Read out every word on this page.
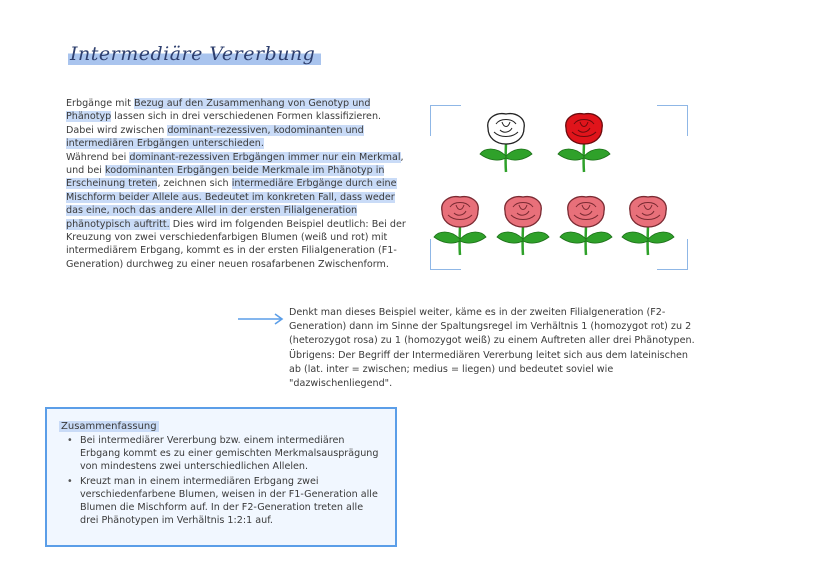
Intermediäre Vererbung

Erbgänge mit Bezug auf den Zusammenhang von Genotyp und Phänotyp lassen sich in drei verschiedenen Formen klassifizieren. Dabei wird zwischen dominant-rezessiven, kodominanten und intermediären Erbgängen unterschieden.

Während bei dominant-rezessiven Erbgängen immer nur ein Merkmal, und bei kodominanten Erbgängen beide Merkmale im Phänotyp in Erscheinung treten, zeichnen sich intermediäre Erbgänge durch eine Mischform beider Allele aus. Bedeutet im konkreten Fall, dass weder das eine, noch das andere Allel in der ersten Filialgeneration phänotypisch auftritt. Dies wird im folgenden Beispiel deutlich: Bei der Kreuzung von zwei verschiedenfarbigen Blumen (weiß und rot) mit intermediärem Erbgang, kommt es in der ersten Filialgeneration (F1-Generation) durchweg zu einer neuen rosafarbenen Zwischenform.

Denkt man dieses Beispiel weiter, käme es in der zweiten Filialgeneration (F2-Generation) dann im Sinne der Spaltungsregel im Verhältnis 1 (homozygot rot) zu 2 (heterozygot rosa) zu 1 (homozygot weiß) zu einem Auftreten aller drei Phänotypen. Übrigens: Der Begriff der Intermediären Vererbung leitet sich aus dem lateinischen ab (lat. inter = zwischen; medius = liegen) und bedeutet soviel wie "dazwischenliegend".

Zusammenfassung
• Bei intermediärer Vererbung bzw. einem intermediären Erbgang kommt es zu einer gemischten Merkmalsausprägung von mindestens zwei unterschiedlichen Allelen.
• Kreuzt man in einem intermediären Erbgang zwei verschiedenfarbene Blumen, weisen in der F1-Generation alle Blumen die Mischform auf. In der F2-Generation treten alle drei Phänotypen im Verhältnis 1:2:1 auf.
